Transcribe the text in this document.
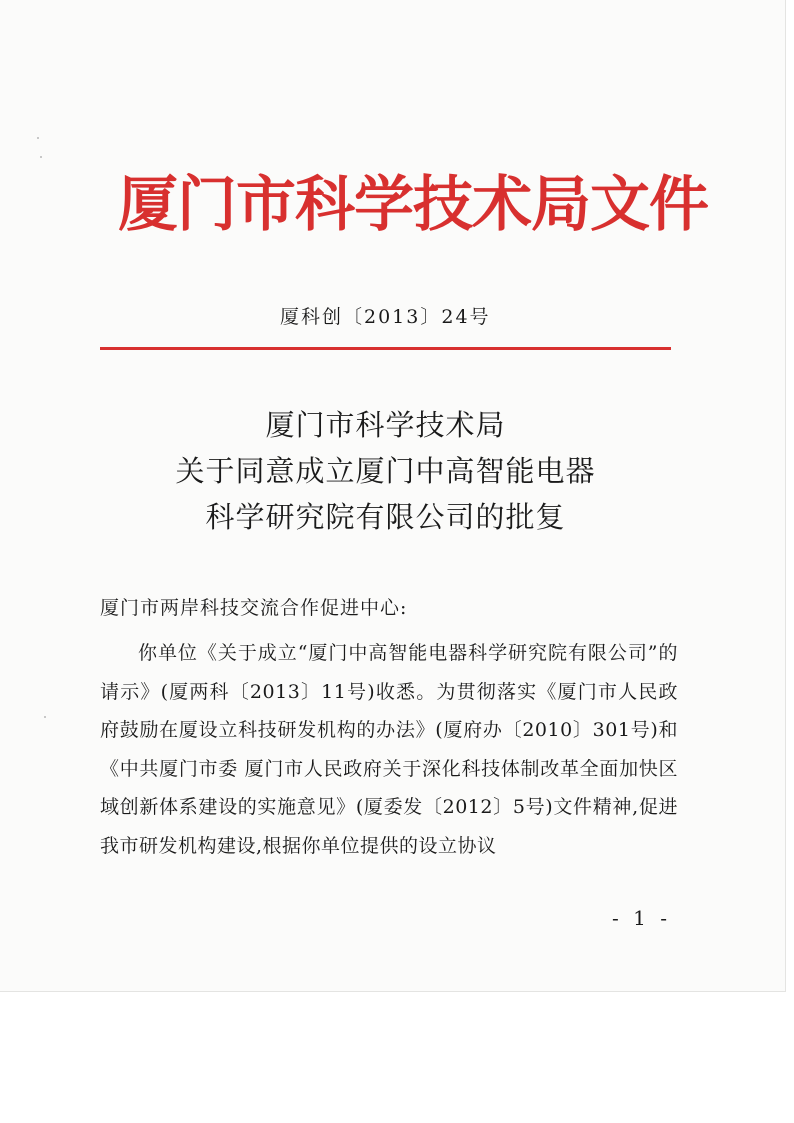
厦门市科学技术局文件
厦科创〔2013〕24号
厦门市科学技术局
关于同意成立厦门中高智能电器
科学研究院有限公司的批复
厦门市两岸科技交流合作促进中心:

你单位《关于成立“厦门中高智能电器科学研究院有限公司”的请示》(厦两科〔2013〕11号)收悉。为贯彻落实《厦门市人民政府鼓励在厦设立科技研发机构的办法》(厦府办〔2010〕301号)和《中共厦门市委 厦门市人民政府关于深化科技体制改革全面加快区域创新体系建设的实施意见》(厦委发〔2012〕5号)文件精神,促进我市研发机构建设,根据你单位提供的设立协议

- 1 -
